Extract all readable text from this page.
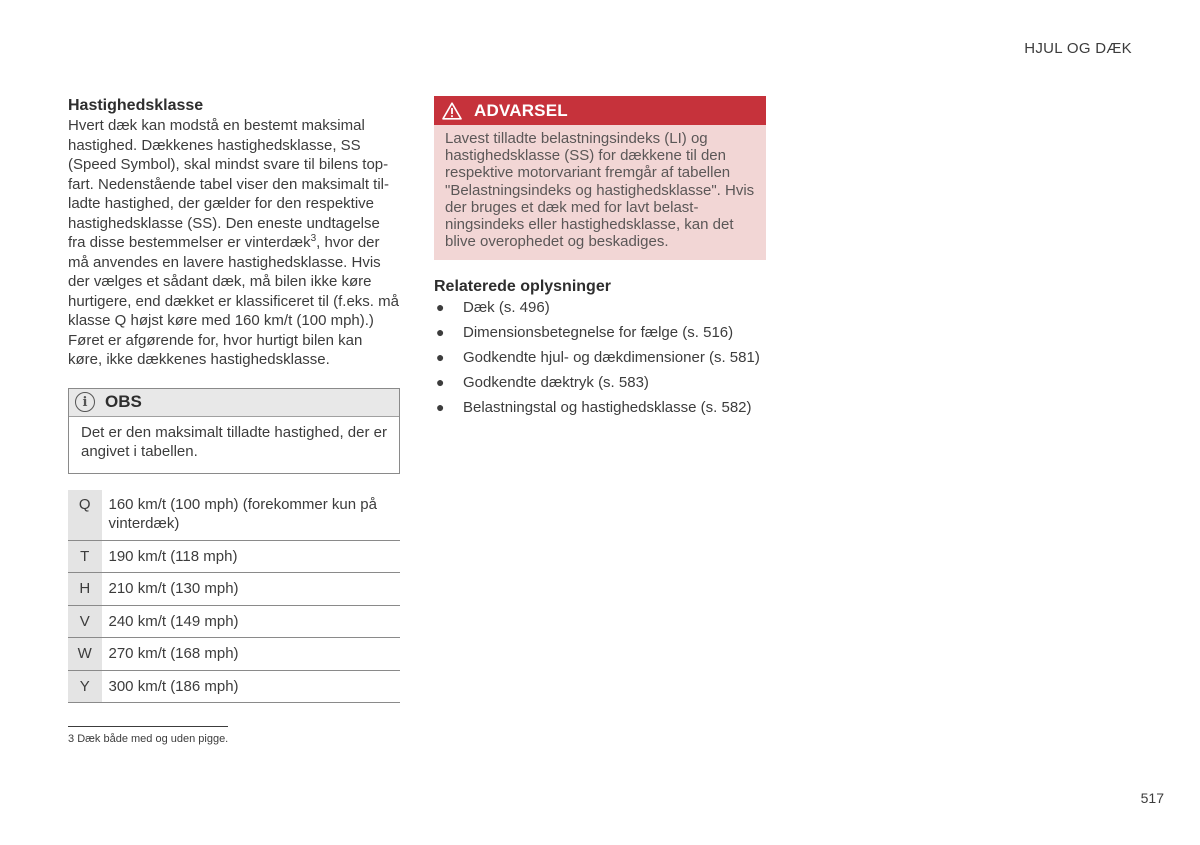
HJUL OG DÆK
Hastighedsklasse

Hvert dæk kan modstå en bestemt maksimal hastighed. Dækkenes hastighedsklasse, SS (Speed Symbol), skal mindst svare til bilens topfart. Nedenstående tabel viser den maksimalt tilladte hastighed, der gælder for den respektive hastighedsklasse (SS). Den eneste undtagelse fra disse bestemmelser er vinterdæk$^3$, hvor der må anvendes en lavere hastighedsklasse. Hvis der vælges et sådant dæk, må bilen ikke køre hurtigere, end dækket er klassificeret til (f.eks. må klasse Q højst køre med 160 km/t (100 mph).) Føret er afgørende for, hvor hurtigt bilen kan køre, ikke dækkenes hastighedsklasse.

i	OBS
Det er den maksimalt tilladte hastighed, der er angivet i tabellen.
Q	160 km/t (100 mph) (forekommer kun på vinterdæk)
T	190 km/t (118 mph)
H	210 km/t (130 mph)
V	240 km/t (149 mph)
W	270 km/t (168 mph)
Y	300 km/t (186 mph)
ADVARSEL
Lavest tilladte belastningsindeks (LI) og hastighedsklasse (SS) for dækkene til den respektive motorvariant fremgår af tabellen "Belastningsindeks og hastighedsklasse". Hvis der bruges et dæk med for lavt belastningsindeks eller hastighedsklasse, kan det blive overophedet og beskadiges.
Relaterede oplysninger
● Dæk (s. 496)
● Dimensionsbetegnelse for fælge (s. 516)
● Godkendte hjul- og dækdimensioner (s. 581)
● Godkendte dæktryk (s. 583)
● Belastningstal og hastighedsklasse (s. 582)
3 Dæk både med og uden pigge.
517
